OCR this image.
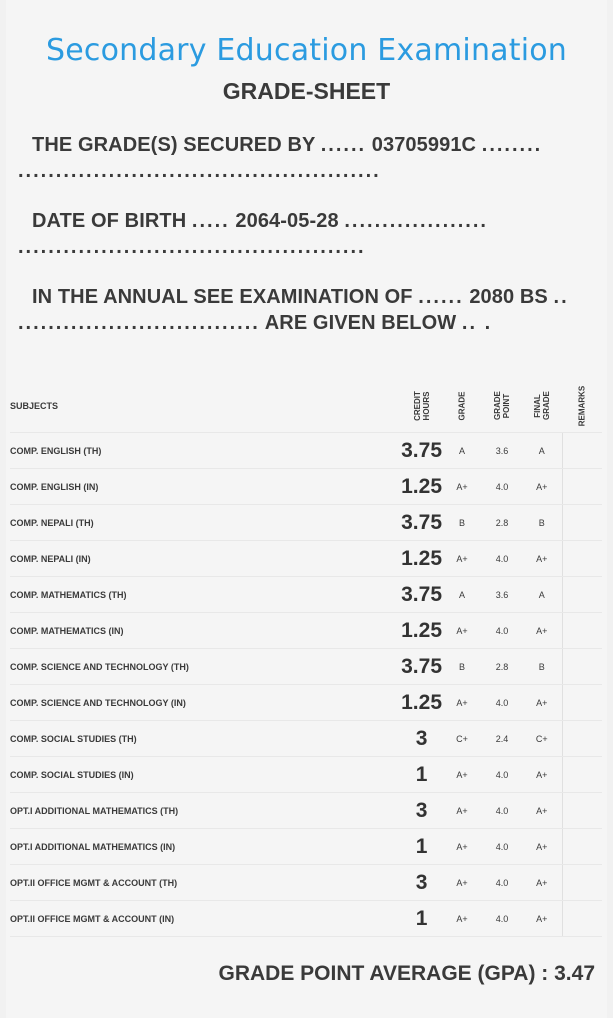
Secondary Education Examination
GRADE-SHEET
THE GRADE(S) SECURED BY ...... 03705991C ........ ................................................
DATE OF BIRTH ..... 2064-05-28 ................... ..............................................
IN THE ANNUAL SEE EXAMINATION OF ...... 2080 BS .. ................................ ARE GIVEN BELOW .. .
SUBJECTS	CREDIT HOURS	GRADE	GRADE POINT	FINAL GRADE	REMARKS

COMP. ENGLISH (TH)	3.75	A	3.6	A	
COMP. ENGLISH (IN)	1.25	A+	4.0	A+	
COMP. NEPALI (TH)	3.75	B	2.8	B	
COMP. NEPALI (IN)	1.25	A+	4.0	A+	
COMP. MATHEMATICS (TH)	3.75	A	3.6	A	
COMP. MATHEMATICS (IN)	1.25	A+	4.0	A+	
COMP. SCIENCE AND TECHNOLOGY (TH)	3.75	B	2.8	B	
COMP. SCIENCE AND TECHNOLOGY (IN)	1.25	A+	4.0	A+	
COMP. SOCIAL STUDIES (TH)	3	C+	2.4	C+	
COMP. SOCIAL STUDIES (IN)	1	A+	4.0	A+	
OPT.I ADDITIONAL MATHEMATICS (TH)	3	A+	4.0	A+	
OPT.I ADDITIONAL MATHEMATICS (IN)	1	A+	4.0	A+	
OPT.II OFFICE MGMT & ACCOUNT (TH)	3	A+	4.0	A+	
OPT.II OFFICE MGMT & ACCOUNT (IN)	1	A+	4.0	A+	
GRADE POINT AVERAGE (GPA) : 3.47
